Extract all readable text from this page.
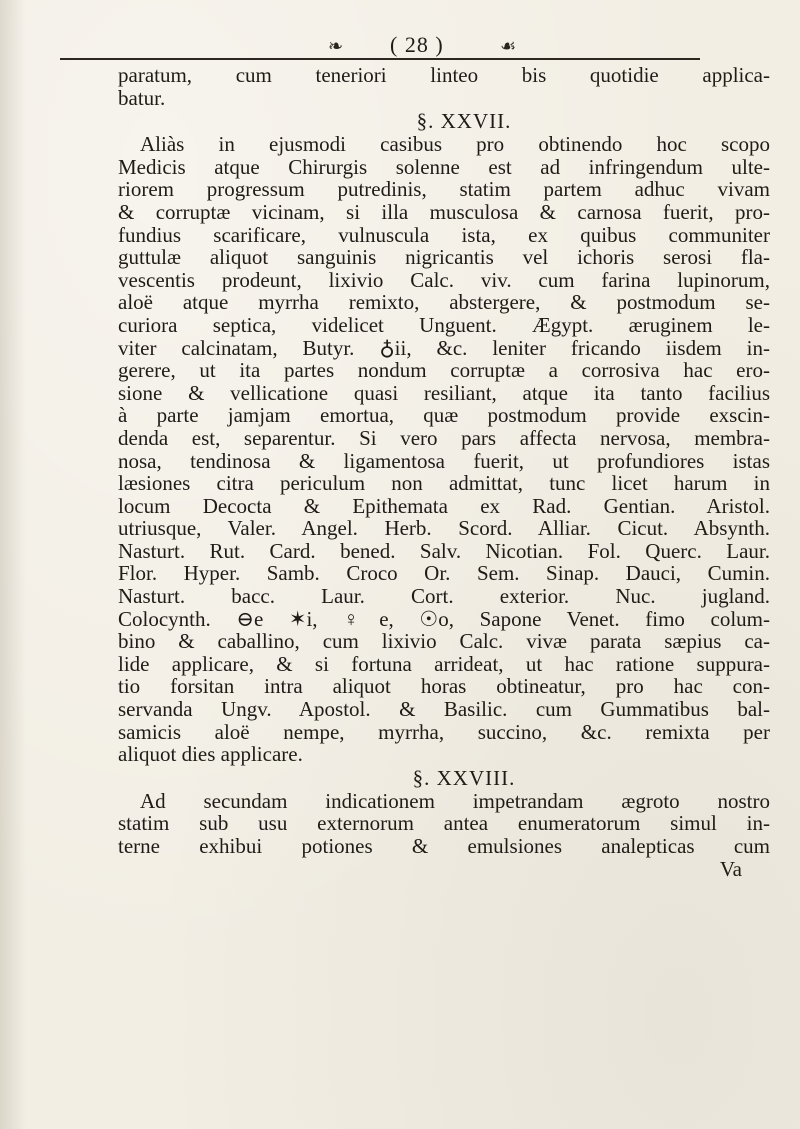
❧ ( 28 )	☙
paratum, cum teneriori linteo bis quotidie applica-
batur.
§. XXVII.
Aliàs in ejusmodi casibus pro obtinendo hoc scopo
Medicis atque Chirurgis solenne est ad infringendum ulte-
riorem progressum putredinis, statim partem adhuc vivam
& corruptæ vicinam, si illa musculosa & carnosa fuerit, pro-
fundius scarificare, vulnuscula ista, ex quibus communiter
guttulæ aliquot sanguinis nigricantis vel ichoris serosi fla-
vescentis prodeunt, lixivio Calc. viv. cum farina lupinorum,
aloë atque myrrha remixto, abstergere, & postmodum se-
curiora septica, videlicet Unguent. Ægypt. æruginem le-
viter calcinatam, Butyr. ♁ii, &c. leniter fricando iisdem in-
gerere, ut ita partes nondum corruptæ a corrosiva hac ero-
sione & vellicatione quasi resiliant, atque ita tanto facilius
à parte jamjam emortua, quæ postmodum provide exscin-
denda est, separentur. Si vero pars affecta nervosa, membra-
nosa, tendinosa & ligamentosa fuerit, ut profundiores istas
læsiones citra periculum non admittat, tunc licet harum in
locum Decocta & Epithemata ex Rad. Gentian. Aristol.
utriusque, Valer. Angel. Herb. Scord. Alliar. Cicut. Absynth.
Nasturt. Rut. Card. bened. Salv. Nicotian. Fol. Querc. Laur.
Flor. Hyper. Samb. Croco Or. Sem. Sinap. Dauci, Cumin.
Nasturt. bacc. Laur. Cort. exterior. Nuc. jugland.
Colocynth. ⊖e ✶i, ♀e, ☉o, Sapone Venet. fimo colum-
bino & caballino, cum lixivio Calc. vivæ parata sæpius ca-
lide applicare, & si fortuna arrideat, ut hac ratione suppura-
tio forsitan intra aliquot horas obtineatur, pro hac con-
servanda Ungv. Apostol. & Basilic. cum Gummatibus bal-
samicis aloë nempe, myrrha, succino, &c. remixta per
aliquot dies applicare.
§. XXVIII.
Ad secundam indicationem impetrandam ægroto nostro
statim sub usu externorum antea enumeratorum simul in-
terne exhibui potiones & emulsiones analepticas cum
Va
